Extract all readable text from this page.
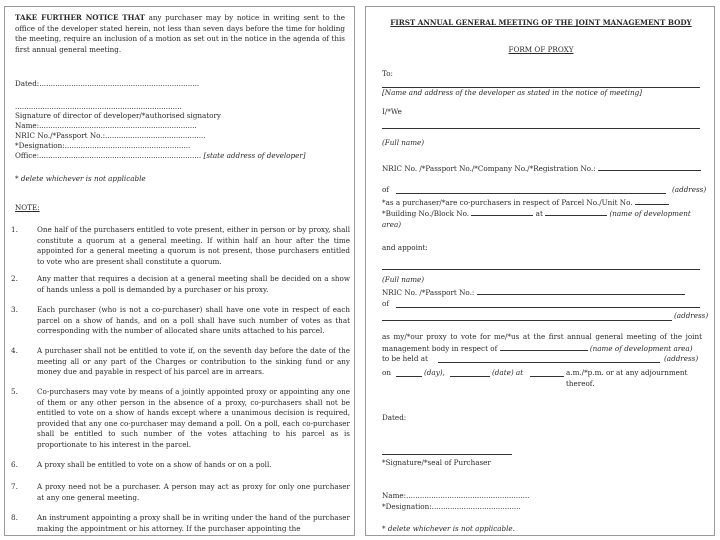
TAKE FURTHER NOTICE THAT any purchaser may by notice in writing sent to the office of the developer stated herein, not less than seven days before the time for holding the meeting, require an inclusion of a motion as set out in the notice in the agenda of this first annual general meeting.

Dated:......................................................................

.........................................................................

Signature of director of developer/*authorised signatory

Name:.....................................................................

NRIC No./*Passport No.:............................................

*Designation:.......................................................

Office:....................................................................... [state address of developer]

* delete whichever is not applicable

NOTE:

1.	One half of the purchasers entitled to vote present, either in person or by proxy, shall constitute a quorum at a general meeting. If within half an hour after the time appointed for a general meeting a quorum is not present, those purchasers entitled to vote who are present shall constitute a quorum.

2.	Any matter that requires a decision at a general meeting shall be decided on a show of hands unless a poll is demanded by a purchaser or his proxy.

3.	Each purchaser (who is not a co-purchaser) shall have one vote in respect of each parcel on a show of hands, and on a poll shall have such number of votes as that corresponding with the number of allocated share units attached to his parcel.

4.	A purchaser shall not be entitled to vote if, on the seventh day before the date of the meeting all or any part of the Charges or contribution to the sinking fund or any money due and payable in respect of his parcel are in arrears.

5.	Co-purchasers may vote by means of a jointly appointed proxy or appointing any one of them or any other person in the absence of a proxy, co-purchasers shall not be entitled to vote on a show of hands except where a unanimous decision is required, provided that any one co-purchaser may demand a poll. On a poll, each co-purchaser shall be entitled to such number of the votes attaching to his parcel as is proportionate to his interest in the parcel.

6.	A proxy shall be entitled to vote on a show of hands or on a poll.

7.	A proxy need not be a purchaser. A person may act as proxy for only one purchaser at any one general meeting.

8.	An instrument appointing a proxy shall be in writing under the hand of the purchaser making the appointment or his attorney. If the purchaser appointing the

FIRST ANNUAL GENERAL MEETING OF THE JOINT MANAGEMENT BODY

FORM OF PROXY

To:

[Name and address of the developer as stated in the notice of meeting]

I/*We

(Full name)

NRIC No. /*Passport No./*Company No./*Registration No.:

of	(address)

*as a purchaser/*are co-purchasers in respect of Parcel No./Unit No.

*Building No./Block No.	at	(name of development area)

and appoint:

(Full name)

NRIC No. /*Passport No.:

of

(address)

as my/*our proxy to vote for me/*us at the first annual general meeting of the joint management body in respect of	(name of development area)

to be held at	(address)

on	(day),	(date) at	a.m./*p.m. or at any adjournment thereof.

Dated:

*Signature/*seal of Purchaser

Name:......................................................

*Designation:.......................................

* delete whichever is not applicable.
